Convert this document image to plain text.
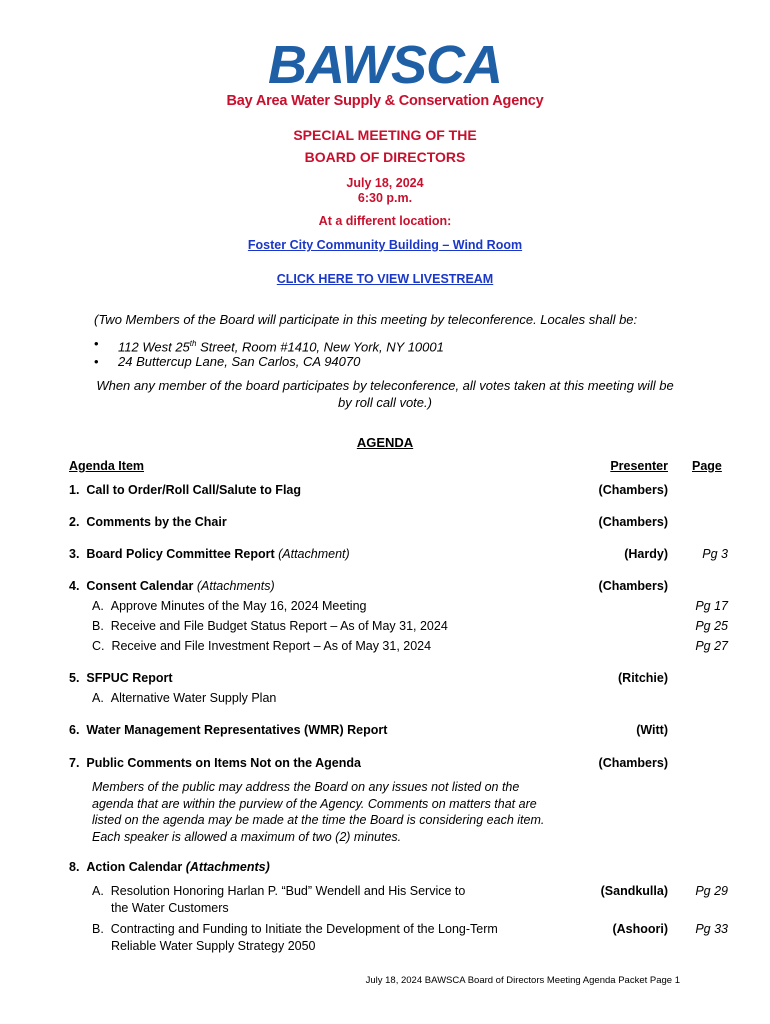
BAWSCA
Bay Area Water Supply & Conservation Agency
SPECIAL MEETING OF THE
BOARD OF DIRECTORS
July 18, 2024
6:30 p.m.
At a different location:
Foster City Community Building – Wind Room
CLICK HERE TO VIEW LIVESTREAM
(Two Members of the Board will participate in this meeting by teleconference. Locales shall be:
• 112 West 25th Street, Room #1410, New York, NY 10001
• 24 Buttercup Lane, San Carlos, CA 94070
When any member of the board participates by teleconference, all votes taken at this meeting will be
by roll call vote.)
AGENDA
Agenda Item	Presenter Page
1. Call to Order/Roll Call/Salute to Flag	(Chambers)
2. Comments by the Chair	(Chambers)
3. Board Policy Committee Report (Attachment)	(Hardy)	Pg 3
4. Consent Calendar (Attachments)	(Chambers)
A. Approve Minutes of the May 16, 2024 Meeting	Pg 17
B. Receive and File Budget Status Report – As of May 31, 2024	Pg 25
C. Receive and File Investment Report – As of May 31, 2024	Pg 27
5. SFPUC Report	(Ritchie)
A. Alternative Water Supply Plan
6. Water Management Representatives (WMR) Report	(Witt)
7. Public Comments on Items Not on the Agenda	(Chambers)
Members of the public may address the Board on any issues not listed on the
agenda that are within the purview of the Agency. Comments on matters that are
listed on the agenda may be made at the time the Board is considering each item.
Each speaker is allowed a maximum of two (2) minutes.
8. Action Calendar (Attachments)
A. Resolution Honoring Harlan P. “Bud” Wendell and His Service to
the Water Customers
(Sandkulla) Pg 29
B. Contracting and Funding to Initiate the Development of the Long-Term
Reliable Water Supply Strategy 2050
(Ashoori) Pg 33
July 18, 2024 BAWSCA Board of Directors Meeting Agenda Packet Page 1
